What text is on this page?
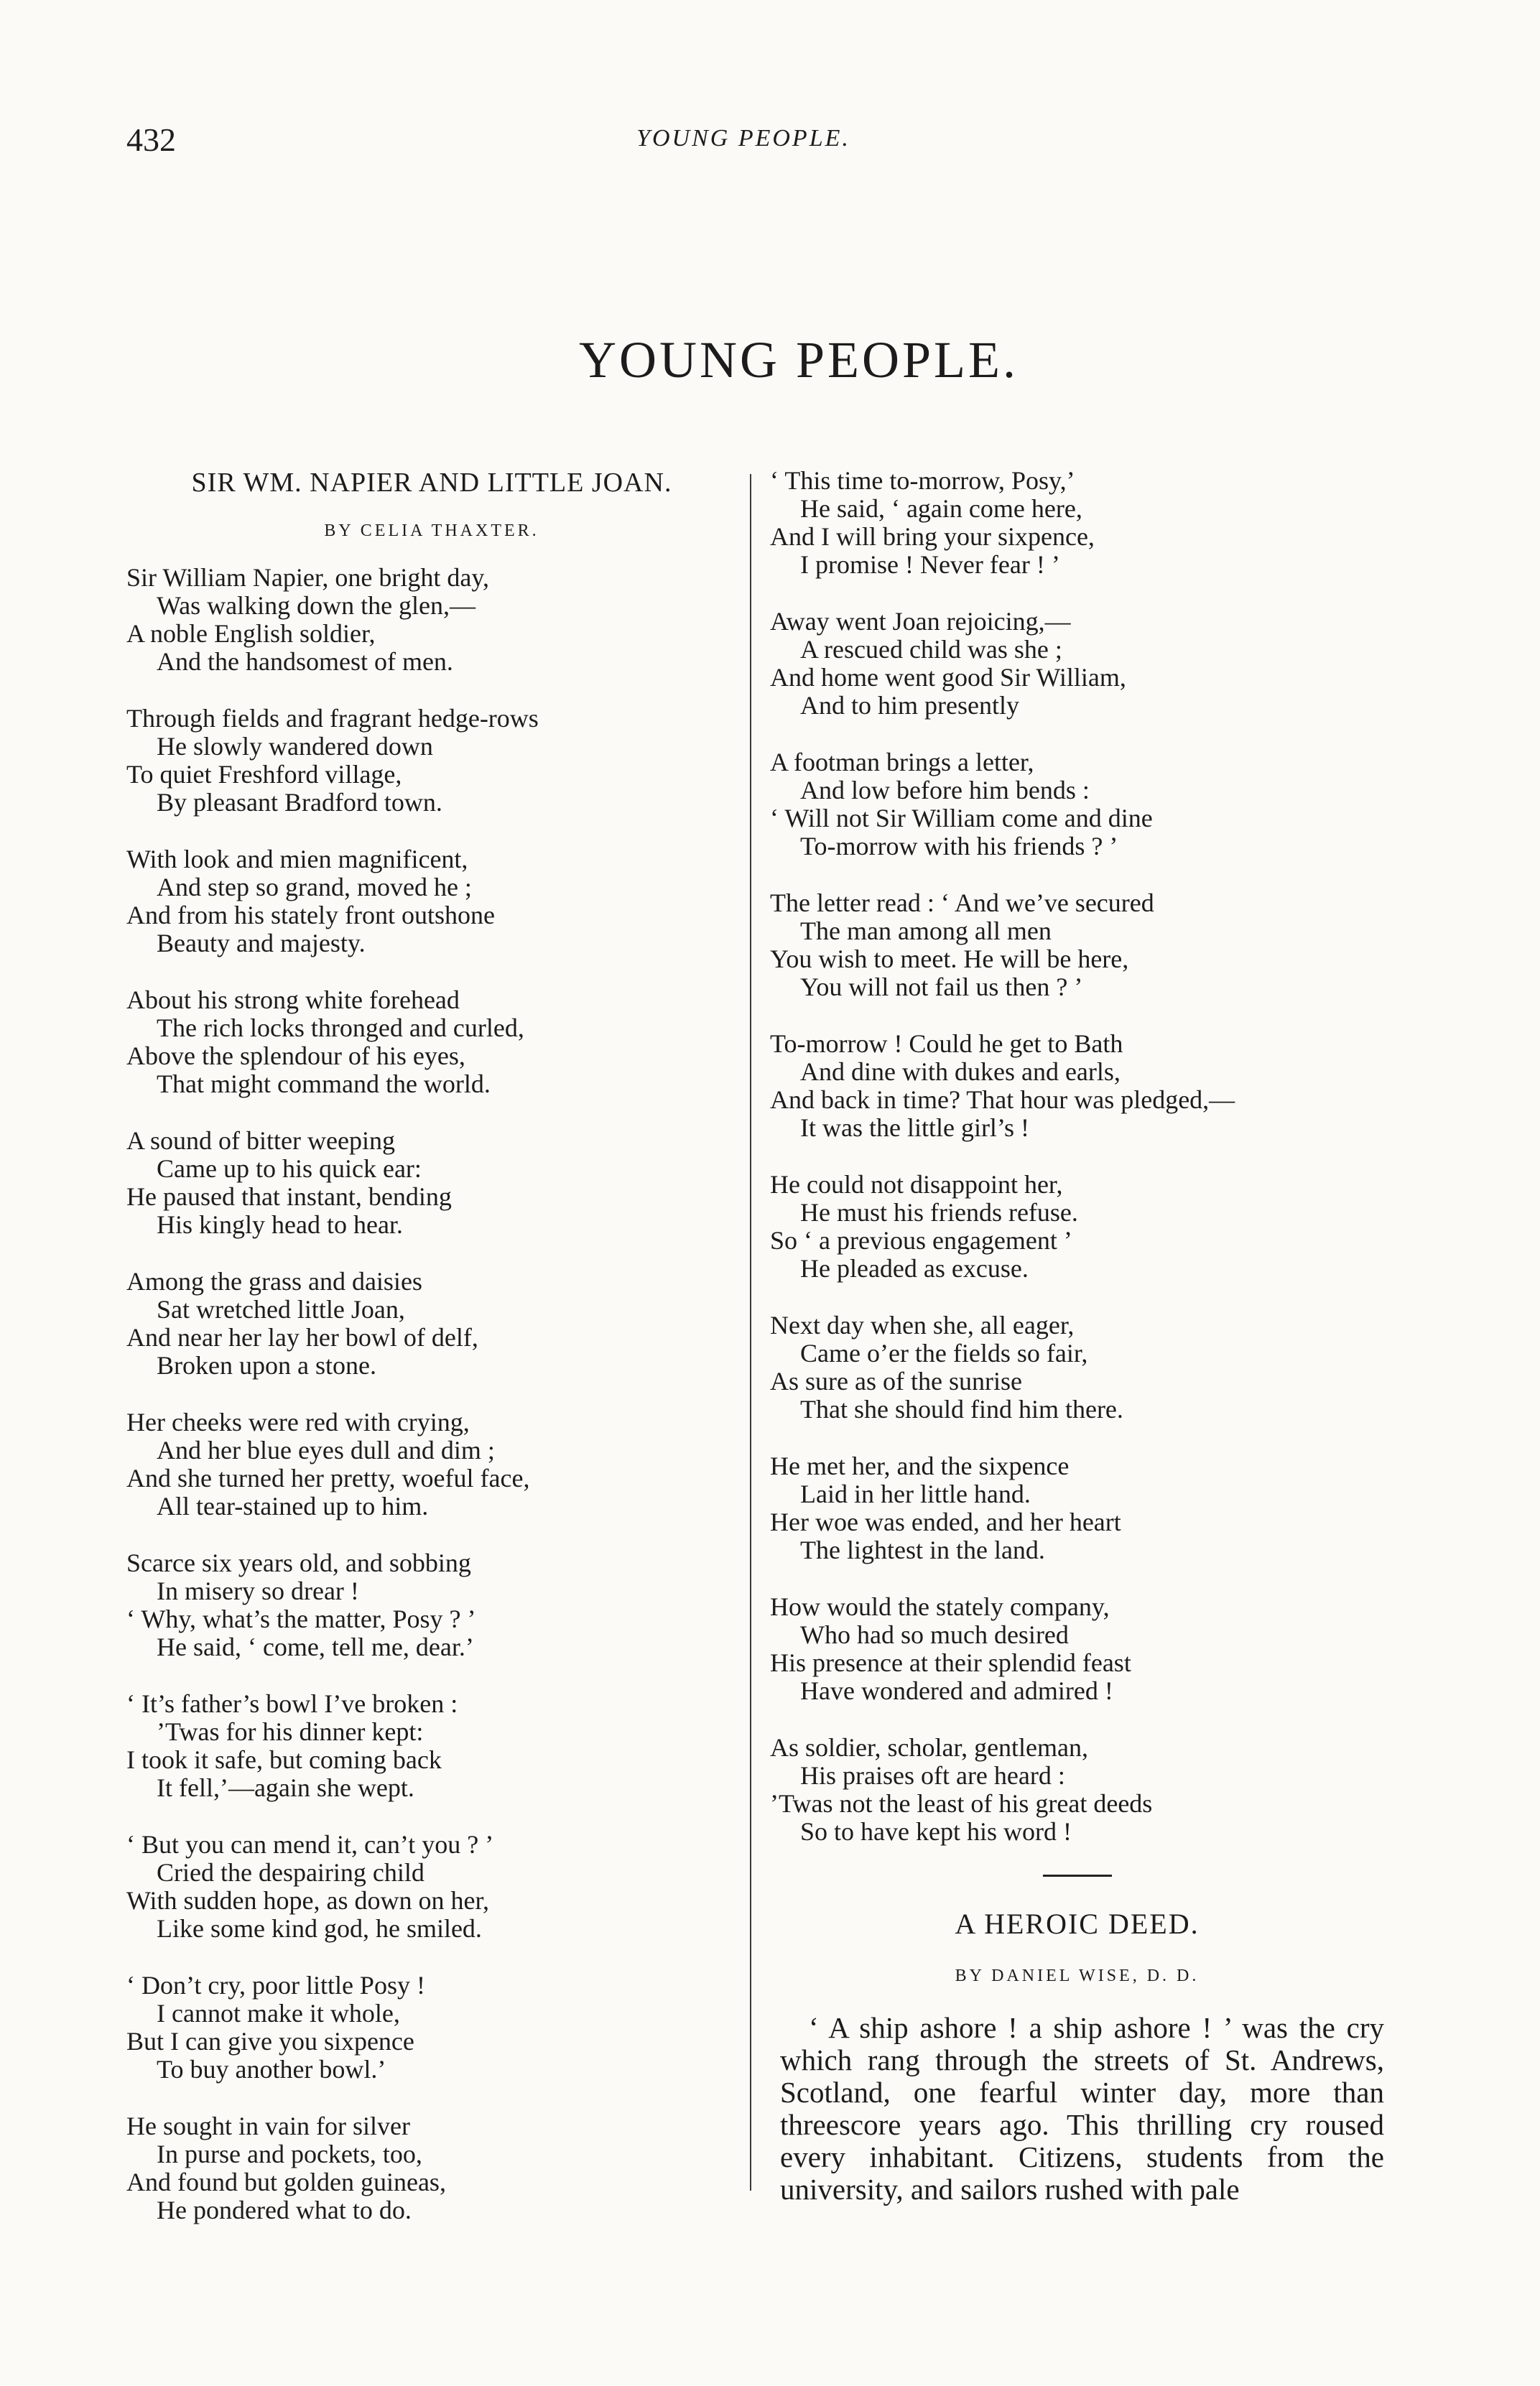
432	YOUNG PEOPLE.
YOUNG PEOPLE.
SIR WM. NAPIER AND LITTLE JOAN.
BY CELIA THAXTER.
Sir William Napier, one bright day,
Was walking down the glen,—
A noble English soldier,
And the handsomest of men.
Through fields and fragrant hedge-rows
He slowly wandered down
To quiet Freshford village,
By pleasant Bradford town.
With look and mien magnificent,
And step so grand, moved he ;
And from his stately front outshone
Beauty and majesty.
About his strong white forehead
The rich locks thronged and curled,
Above the splendour of his eyes,
That might command the world.
A sound of bitter weeping
Came up to his quick ear:
He paused that instant, bending
His kingly head to hear.
Among the grass and daisies
Sat wretched little Joan,
And near her lay her bowl of delf,
Broken upon a stone.
Her cheeks were red with crying,
And her blue eyes dull and dim ;
And she turned her pretty, woeful face,
All tear-stained up to him.
Scarce six years old, and sobbing
In misery so drear !
‘ Why, what’s the matter, Posy ? ’
He said, ‘ come, tell me, dear.’
‘ It’s father’s bowl I’ve broken :
’Twas for his dinner kept:
I took it safe, but coming back
It fell,’—again she wept.
‘ But you can mend it, can’t you ? ’
Cried the despairing child
With sudden hope, as down on her,
Like some kind god, he smiled.
‘ Don’t cry, poor little Posy !
I cannot make it whole,
But I can give you sixpence
To buy another bowl.’
He sought in vain for silver
In purse and pockets, too,
And found but golden guineas,
He pondered what to do.
‘ This time to-morrow, Posy,’
He said, ‘ again come here,
And I will bring your sixpence,
I promise ! Never fear ! ’
Away went Joan rejoicing,—
A rescued child was she ;
And home went good Sir William,
And to him presently
A footman brings a letter,
And low before him bends :
‘ Will not Sir William come and dine
To-morrow with his friends ? ’
The letter read : ‘ And we’ve secured
The man among all men
You wish to meet. He will be here,
You will not fail us then ? ’
To-morrow ! Could he get to Bath
And dine with dukes and earls,
And back in time? That hour was pledged,—
It was the little girl’s !
He could not disappoint her,
He must his friends refuse.
So ‘ a previous engagement ’
He pleaded as excuse.
Next day when she, all eager,
Came o’er the fields so fair,
As sure as of the sunrise
That she should find him there.
He met her, and the sixpence
Laid in her little hand.
Her woe was ended, and her heart
The lightest in the land.
How would the stately company,
Who had so much desired
His presence at their splendid feast
Have wondered and admired !
As soldier, scholar, gentleman,
His praises oft are heard :
’Twas not the least of his great deeds
So to have kept his word !
A HEROIC DEED.
BY DANIEL WISE, D. D.
‘ A ship ashore ! a ship ashore ! ’ was the cry which rang through the streets of St. Andrews, Scotland, one fearful winter day, more than threescore years ago. This thrilling cry roused every inhabitant. Citizens, students from the university, and sailors rushed with pale
